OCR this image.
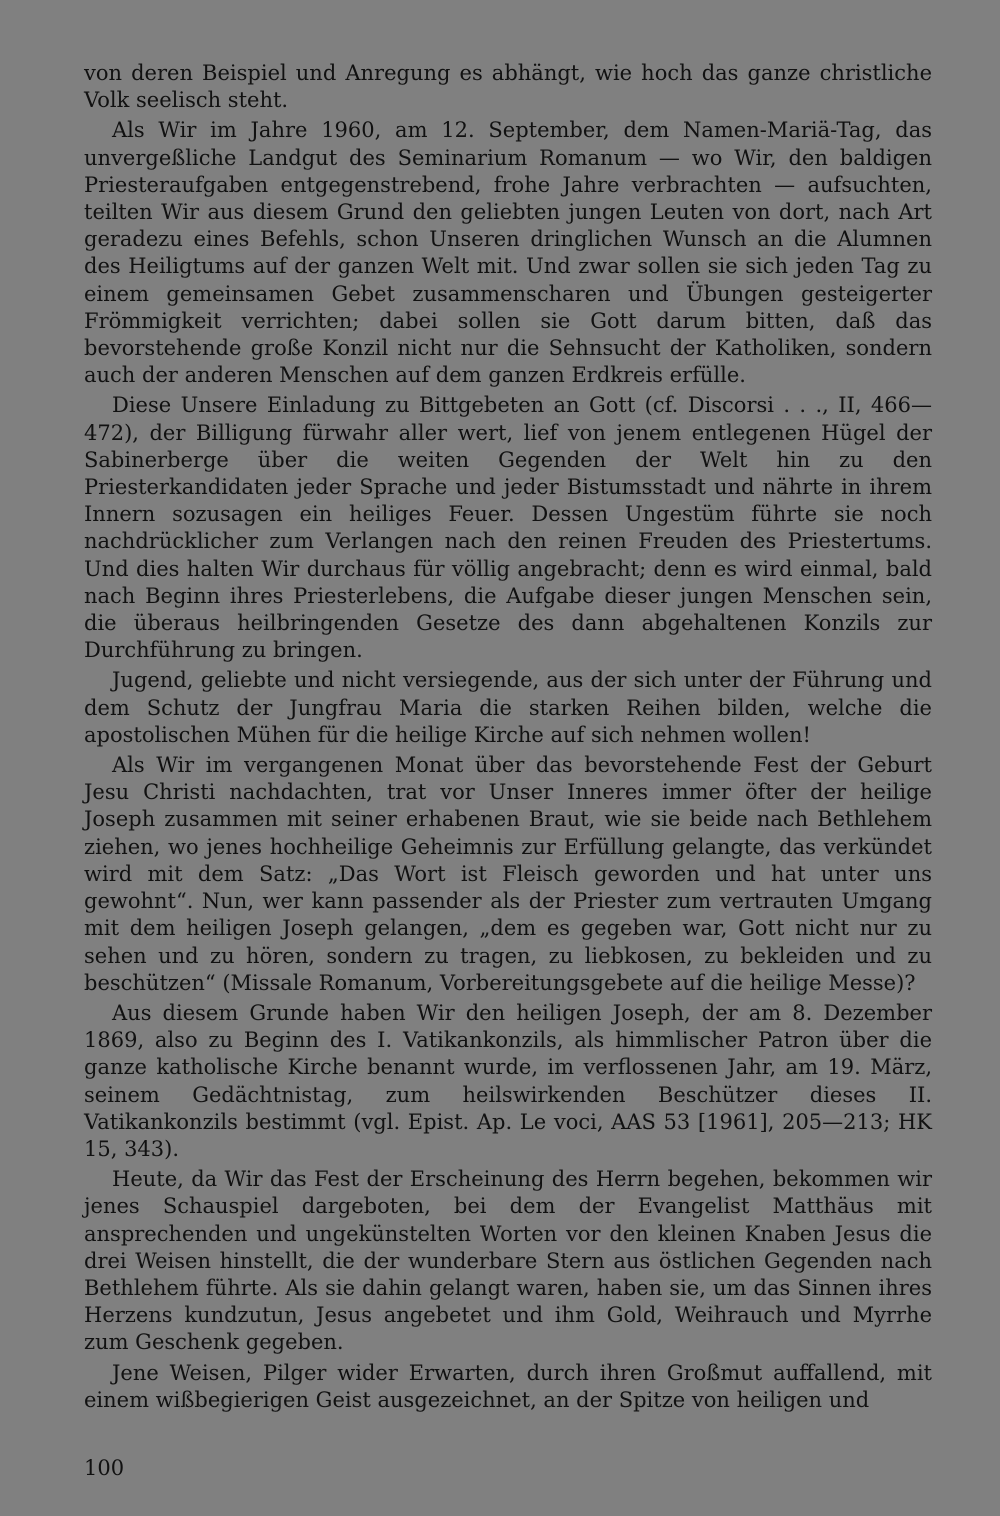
von deren Beispiel und Anregung es abhängt, wie hoch das ganze christliche Volk seelisch steht.

Als Wir im Jahre 1960, am 12. September, dem Namen-Mariä-Tag, das unvergeßliche Landgut des Seminarium Romanum — wo Wir, den baldigen Priesteraufgaben entgegenstrebend, frohe Jahre verbrachten — aufsuchten, teilten Wir aus diesem Grund den geliebten jungen Leuten von dort, nach Art geradezu eines Befehls, schon Unseren dringlichen Wunsch an die Alumnen des Heiligtums auf der ganzen Welt mit. Und zwar sollen sie sich jeden Tag zu einem gemeinsamen Gebet zusammenscharen und Übungen gesteigerter Frömmigkeit verrichten; dabei sollen sie Gott darum bitten, daß das bevorstehende große Konzil nicht nur die Sehnsucht der Katholiken, sondern auch der anderen Menschen auf dem ganzen Erdkreis erfülle.

Diese Unsere Einladung zu Bittgebeten an Gott (cf. Discorsi . . ., II, 466—472), der Billigung fürwahr aller wert, lief von jenem entlegenen Hügel der Sabinerberge über die weiten Gegenden der Welt hin zu den Priesterkandidaten jeder Sprache und jeder Bistumsstadt und nährte in ihrem Innern sozusagen ein heiliges Feuer. Dessen Ungestüm führte sie noch nachdrücklicher zum Verlangen nach den reinen Freuden des Priestertums. Und dies halten Wir durchaus für völlig angebracht; denn es wird einmal, bald nach Beginn ihres Priesterlebens, die Aufgabe dieser jungen Menschen sein, die überaus heilbringenden Gesetze des dann abgehaltenen Konzils zur Durchführung zu bringen.

Jugend, geliebte und nicht versiegende, aus der sich unter der Führung und dem Schutz der Jungfrau Maria die starken Reihen bilden, welche die apostolischen Mühen für die heilige Kirche auf sich nehmen wollen!

Als Wir im vergangenen Monat über das bevorstehende Fest der Geburt Jesu Christi nachdachten, trat vor Unser Inneres immer öfter der heilige Joseph zusammen mit seiner erhabenen Braut, wie sie beide nach Bethlehem ziehen, wo jenes hochheilige Geheimnis zur Erfüllung gelangte, das verkündet wird mit dem Satz: „Das Wort ist Fleisch geworden und hat unter uns gewohnt“. Nun, wer kann passender als der Priester zum vertrauten Umgang mit dem heiligen Joseph gelangen, „dem es gegeben war, Gott nicht nur zu sehen und zu hören, sondern zu tragen, zu liebkosen, zu bekleiden und zu beschützen“ (Missale Romanum, Vorbereitungsgebete auf die heilige Messe)?

Aus diesem Grunde haben Wir den heiligen Joseph, der am 8. Dezember 1869, also zu Beginn des I. Vatikankonzils, als himmlischer Patron über die ganze katholische Kirche benannt wurde, im verflossenen Jahr, am 19. März, seinem Gedächtnistag, zum heilswirkenden Beschützer dieses II. Vatikankonzils bestimmt (vgl. Epist. Ap. Le voci, AAS 53 [1961], 205—213; HK 15, 343).

Heute, da Wir das Fest der Erscheinung des Herrn begehen, bekommen wir jenes Schauspiel dargeboten, bei dem der Evangelist Matthäus mit ansprechenden und ungekünstelten Worten vor den kleinen Knaben Jesus die drei Weisen hinstellt, die der wunderbare Stern aus östlichen Gegenden nach Bethlehem führte. Als sie dahin gelangt waren, haben sie, um das Sinnen ihres Herzens kundzutun, Jesus angebetet und ihm Gold, Weihrauch und Myrrhe zum Geschenk gegeben.

Jene Weisen, Pilger wider Erwarten, durch ihren Großmut auffallend, mit einem wißbegierigen Geist ausgezeichnet, an der Spitze von heiligen und

100
